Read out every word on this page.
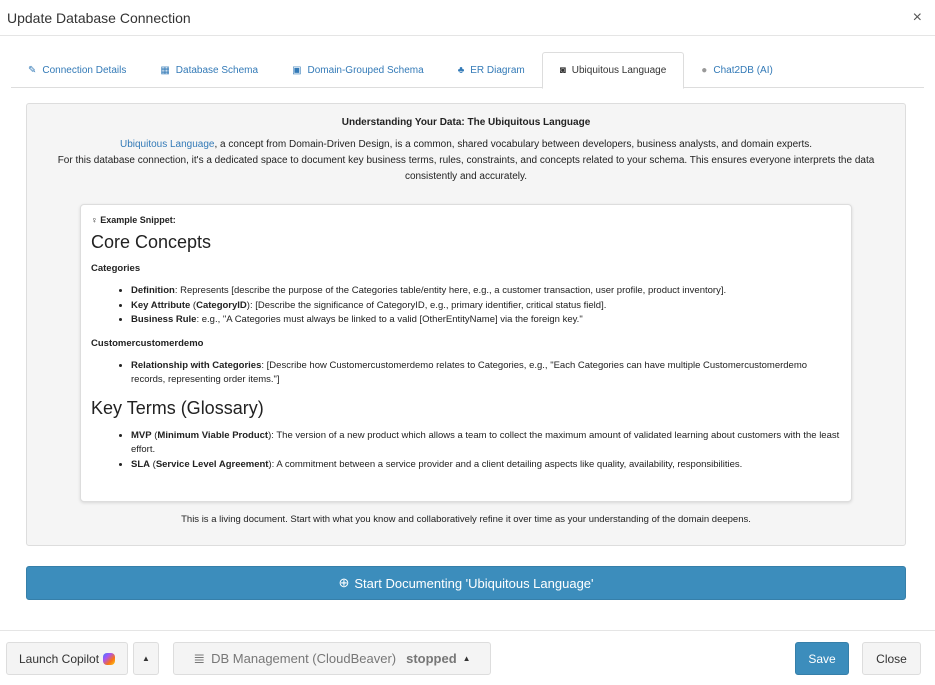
Update Database Connection	×
✎ Connection Details	▦ Database Schema	▣ Domain-Grouped Schema	♣ ER Diagram	◙ Ubiquitous Language	● Chat2DB (AI)
Understanding Your Data: The Ubiquitous Language
Ubiquitous Language, a concept from Domain-Driven Design, is a common, shared vocabulary between developers, business analysts, and domain experts.
For this database connection, it's a dedicated space to document key business terms, rules, constraints, and concepts related to your schema. This ensures everyone interprets the data consistently and accurately.
♀ Example Snippet:
Core Concepts
Categories
• Definition: Represents [describe the purpose of the Categories table/entity here, e.g., a customer transaction, user profile, product inventory].
• Key Attribute (CategoryID): [Describe the significance of CategoryID, e.g., primary identifier, critical status field].
• Business Rule: e.g., "A Categories must always be linked to a valid [OtherEntityName] via the foreign key."
Customercustomerdemo
• Relationship with Categories: [Describe how Customercustomerdemo relates to Categories, e.g., "Each Categories can have multiple Customercustomerdemo records, representing order items."]
Key Terms (Glossary)
• MVP (Minimum Viable Product): The version of a new product which allows a team to collect the maximum amount of validated learning about customers with the least effort.
• SLA (Service Level Agreement): A commitment between a service provider and a client detailing aspects like quality, availability, responsibilities.
This is a living document. Start with what you know and collaboratively refine it over time as your understanding of the domain deepens.
⊕ Start Documenting 'Ubiquitous Language'
Launch Copilot	▲	≣ DB Management (CloudBeaver) stopped ▲	Save	Close
